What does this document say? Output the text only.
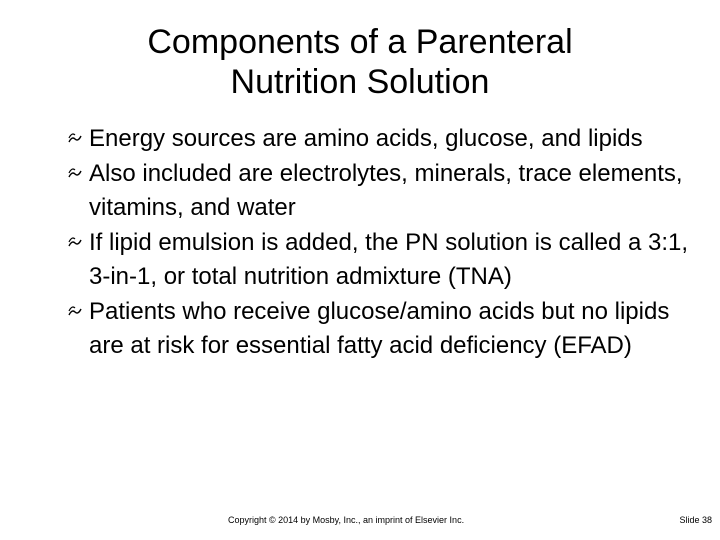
Components of a Parenteral
Nutrition Solution
Energy sources are amino acids, glucose, and lipids
Also included are electrolytes, minerals, trace elements, vitamins, and water
If lipid emulsion is added, the PN solution is called a 3:1, 3-in-1, or total nutrition admixture (TNA)
Patients who receive glucose/amino acids but no lipids are at risk for essential fatty acid deficiency (EFAD)
Copyright © 2014 by Mosby, Inc., an imprint of Elsevier Inc.	Slide 38
